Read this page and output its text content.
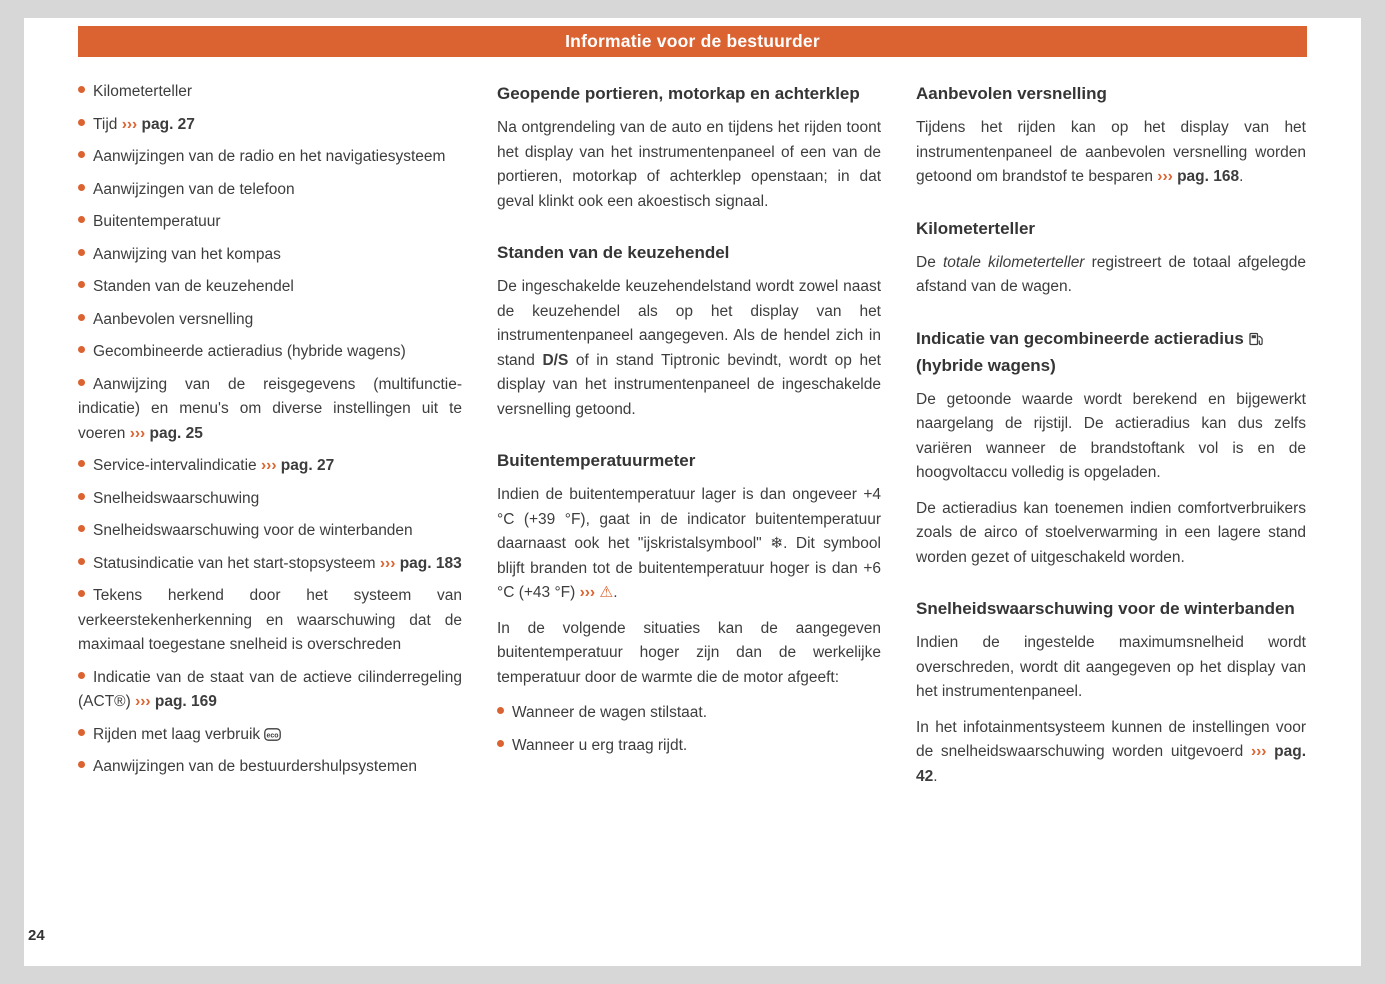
Informatie voor de bestuurder

Kilometerteller

Tijd ››› pag. 27

Aanwijzingen van de radio en het navigatiesysteem

Aanwijzingen van de telefoon

Buitentemperatuur

Aanwijzing van het kompas

Standen van de keuzehendel

Aanbevolen versnelling

Gecombineerde actieradius (hybride wagens)

Aanwijzing van de reisgegevens (multifunctie-indicatie) en menu's om diverse instellingen uit te voeren ››› pag. 25

Service-intervalindicatie ››› pag. 27

Snelheidswaarschuwing

Snelheidswaarschuwing voor de winterbanden

Statusindicatie van het start-stopsysteem ››› pag. 183

Tekens herkend door het systeem van verkeerstekenherkenning en waarschuwing dat de maximaal toegestane snelheid is overschreden

Indicatie van de staat van de actieve cilinderregeling (ACT®) ››› pag. 169

Rijden met laag verbruik eco

Aanwijzingen van de bestuurdershulpsystemen

Geopende portieren, motorkap en achterklep

Na ontgrendeling van de auto en tijdens het rijden toont het display van het instrumentenpaneel of een van de portieren, motorkap of achterklep openstaan; in dat geval klinkt ook een akoestisch signaal.

Standen van de keuzehendel

De ingeschakelde keuzehendelstand wordt zowel naast de keuzehendel als op het display van het instrumentenpaneel aangegeven. Als de hendel zich in stand D/S of in stand Tiptronic bevindt, wordt op het display van het instrumentenpaneel de ingeschakelde versnelling getoond.

Buitentemperatuurmeter

Indien de buitentemperatuur lager is dan ongeveer +4 °C (+39 °F), gaat in de indicator buitentemperatuur daarnaast ook het "ijskristalsymbool" ❄. Dit symbool blijft branden tot de buitentemperatuur hoger is dan +6 °C (+43 °F) ››› ⚠.

In de volgende situaties kan de aangegeven buitentemperatuur hoger zijn dan de werkelijke temperatuur door de warmte die de motor afgeeft:

Wanneer de wagen stilstaat.

Wanneer u erg traag rijdt.

Aanbevolen versnelling

Tijdens het rijden kan op het display van het instrumentenpaneel de aanbevolen versnelling worden getoond om brandstof te besparen ››› pag. 168.

Kilometerteller

De totale kilometerteller registreert de totaal afgelegde afstand van de wagen.

Indicatie van gecombineerde actieradius  (hybride wagens)

De getoonde waarde wordt berekend en bijgewerkt naargelang de rijstijl. De actieradius kan dus zelfs variëren wanneer de brandstoftank vol is en de hoogvoltaccu volledig is opgeladen.

De actieradius kan toenemen indien comfortverbruikers zoals de airco of stoelverwarming in een lagere stand worden gezet of uitgeschakeld worden.

Snelheidswaarschuwing voor de winterbanden

Indien de ingestelde maximumsnelheid wordt overschreden, wordt dit aangegeven op het display van het instrumentenpaneel.

In het infotainmentsysteem kunnen de instellingen voor de snelheidswaarschuwing worden uitgevoerd ››› pag. 42.

24
